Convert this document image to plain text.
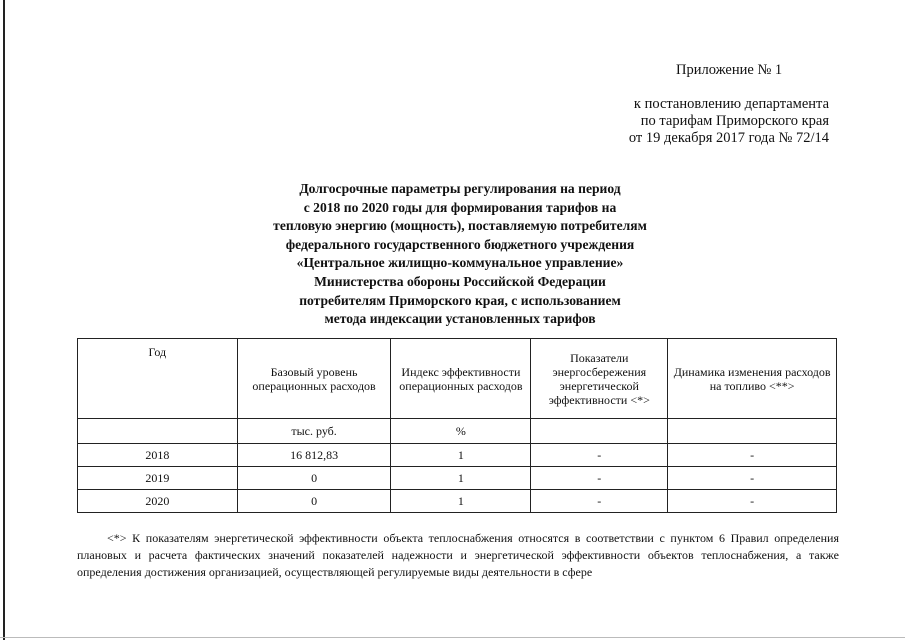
Приложение № 1
к постановлению департамента
по тарифам Приморского края
от 19 декабря 2017 года № 72/14
Долгосрочные параметры регулирования на период
с 2018 по 2020 годы для формирования тарифов на
тепловую энергию (мощность), поставляемую потребителям
федерального государственного бюджетного учреждения
«Центральное жилищно-коммунальное управление»
Министерства обороны Российской Федерации
потребителям Приморского края, с использованием
метода индексации установленных тарифов
Год	Базовый уровень операционных расходов	Индекс эффективности операционных расходов	Показатели энергосбережения энергетической эффективности <*>	Динамика изменения расходов на топливо <**>
	тыс. руб.	%		
2018	16 812,83	1	-	-
2019	0	1	-	-
2020	0	1	-	-
<*> К показателям энергетической эффективности объекта теплоснабжения относятся в соответствии с пунктом 6 Правил определения плановых и расчета фактических значений показателей надежности и энергетической эффективности объектов теплоснабжения, а также определения достижения организацией, осуществляющей регулируемые виды деятельности в сфере
